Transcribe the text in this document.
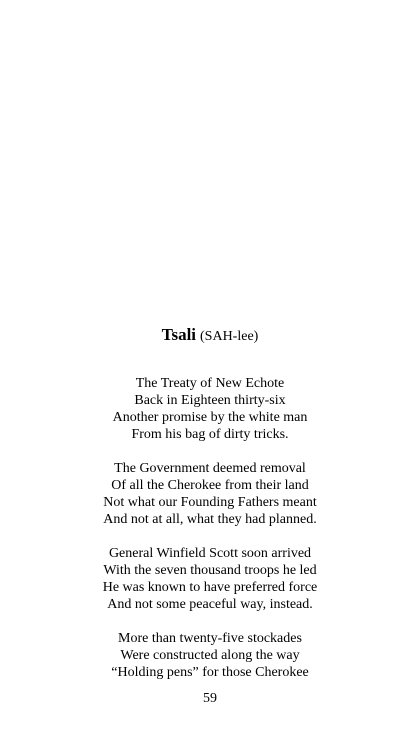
Tsali (SAH-lee)
The Treaty of New Echote
Back in Eighteen thirty-six
Another promise by the white man
From his bag of dirty tricks.
The Government deemed removal
Of all the Cherokee from their land
Not what our Founding Fathers meant
And not at all, what they had planned.
General Winfield Scott soon arrived
With the seven thousand troops he led
He was known to have preferred force
And not some peaceful way, instead.
More than twenty-five stockades
Were constructed along the way
“Holding pens” for those Cherokee
59
